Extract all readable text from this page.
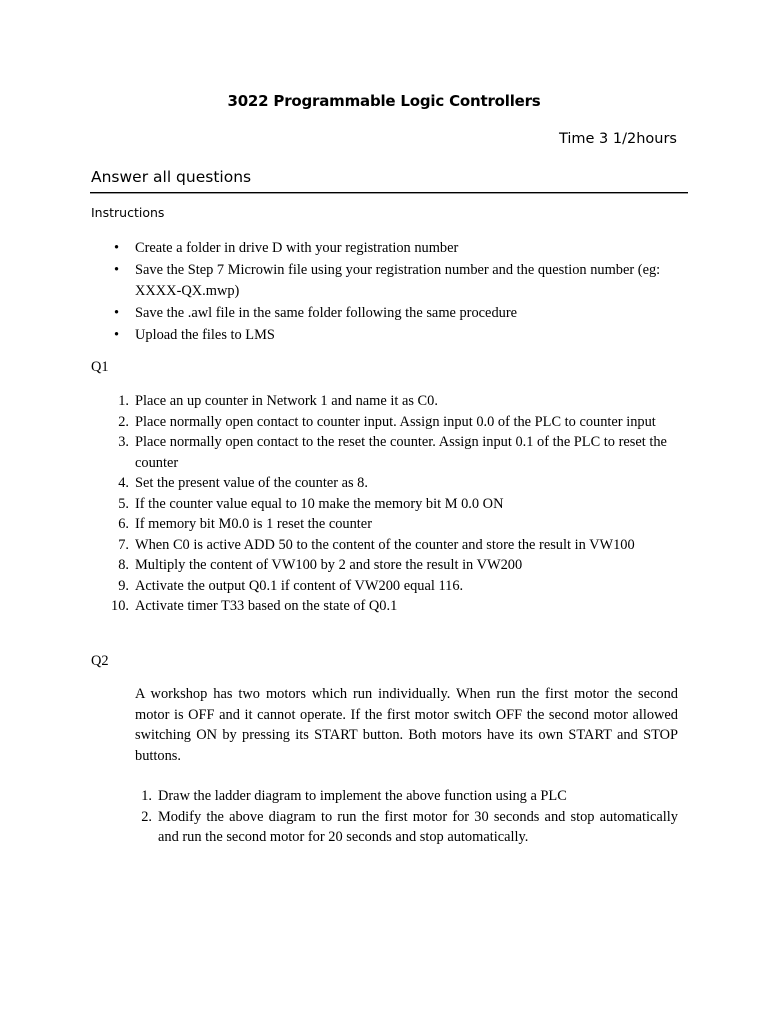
3022 Programmable Logic Controllers
Time 3 1/2hours
Answer all questions
Instructions
• Create a folder in drive D with your registration number
• Save the Step 7 Microwin file using your registration number and the question number (eg: XXXX-QX.mwp)
• Save the .awl file in the same folder following the same procedure
• Upload the files to LMS
Q1
1. Place an up counter in Network 1 and name it as C0.
2. Place normally open contact to counter input. Assign input 0.0 of the PLC to counter input
3. Place normally open contact to the reset the counter. Assign input 0.1 of the PLC to reset the counter
4. Set the present value of the counter as 8.
5. If the counter value equal to 10 make the memory bit M 0.0 ON
6. If memory bit M0.0 is 1 reset the counter
7. When C0 is active ADD 50 to the content of the counter and store the result in VW100
8. Multiply the content of VW100 by 2 and store the result in VW200
9. Activate the output Q0.1 if content of VW200 equal 116.
10. Activate timer T33 based on the state of Q0.1
Q2

A workshop has two motors which run individually. When run the first motor the second motor is OFF and it cannot operate. If the first motor switch OFF the second motor allowed switching ON by pressing its START button. Both motors have its own START and STOP buttons.

1. Draw the ladder diagram to implement the above function using a PLC
2. Modify the above diagram to run the first motor for 30 seconds and stop automatically and run the second motor for 20 seconds and stop automatically.
